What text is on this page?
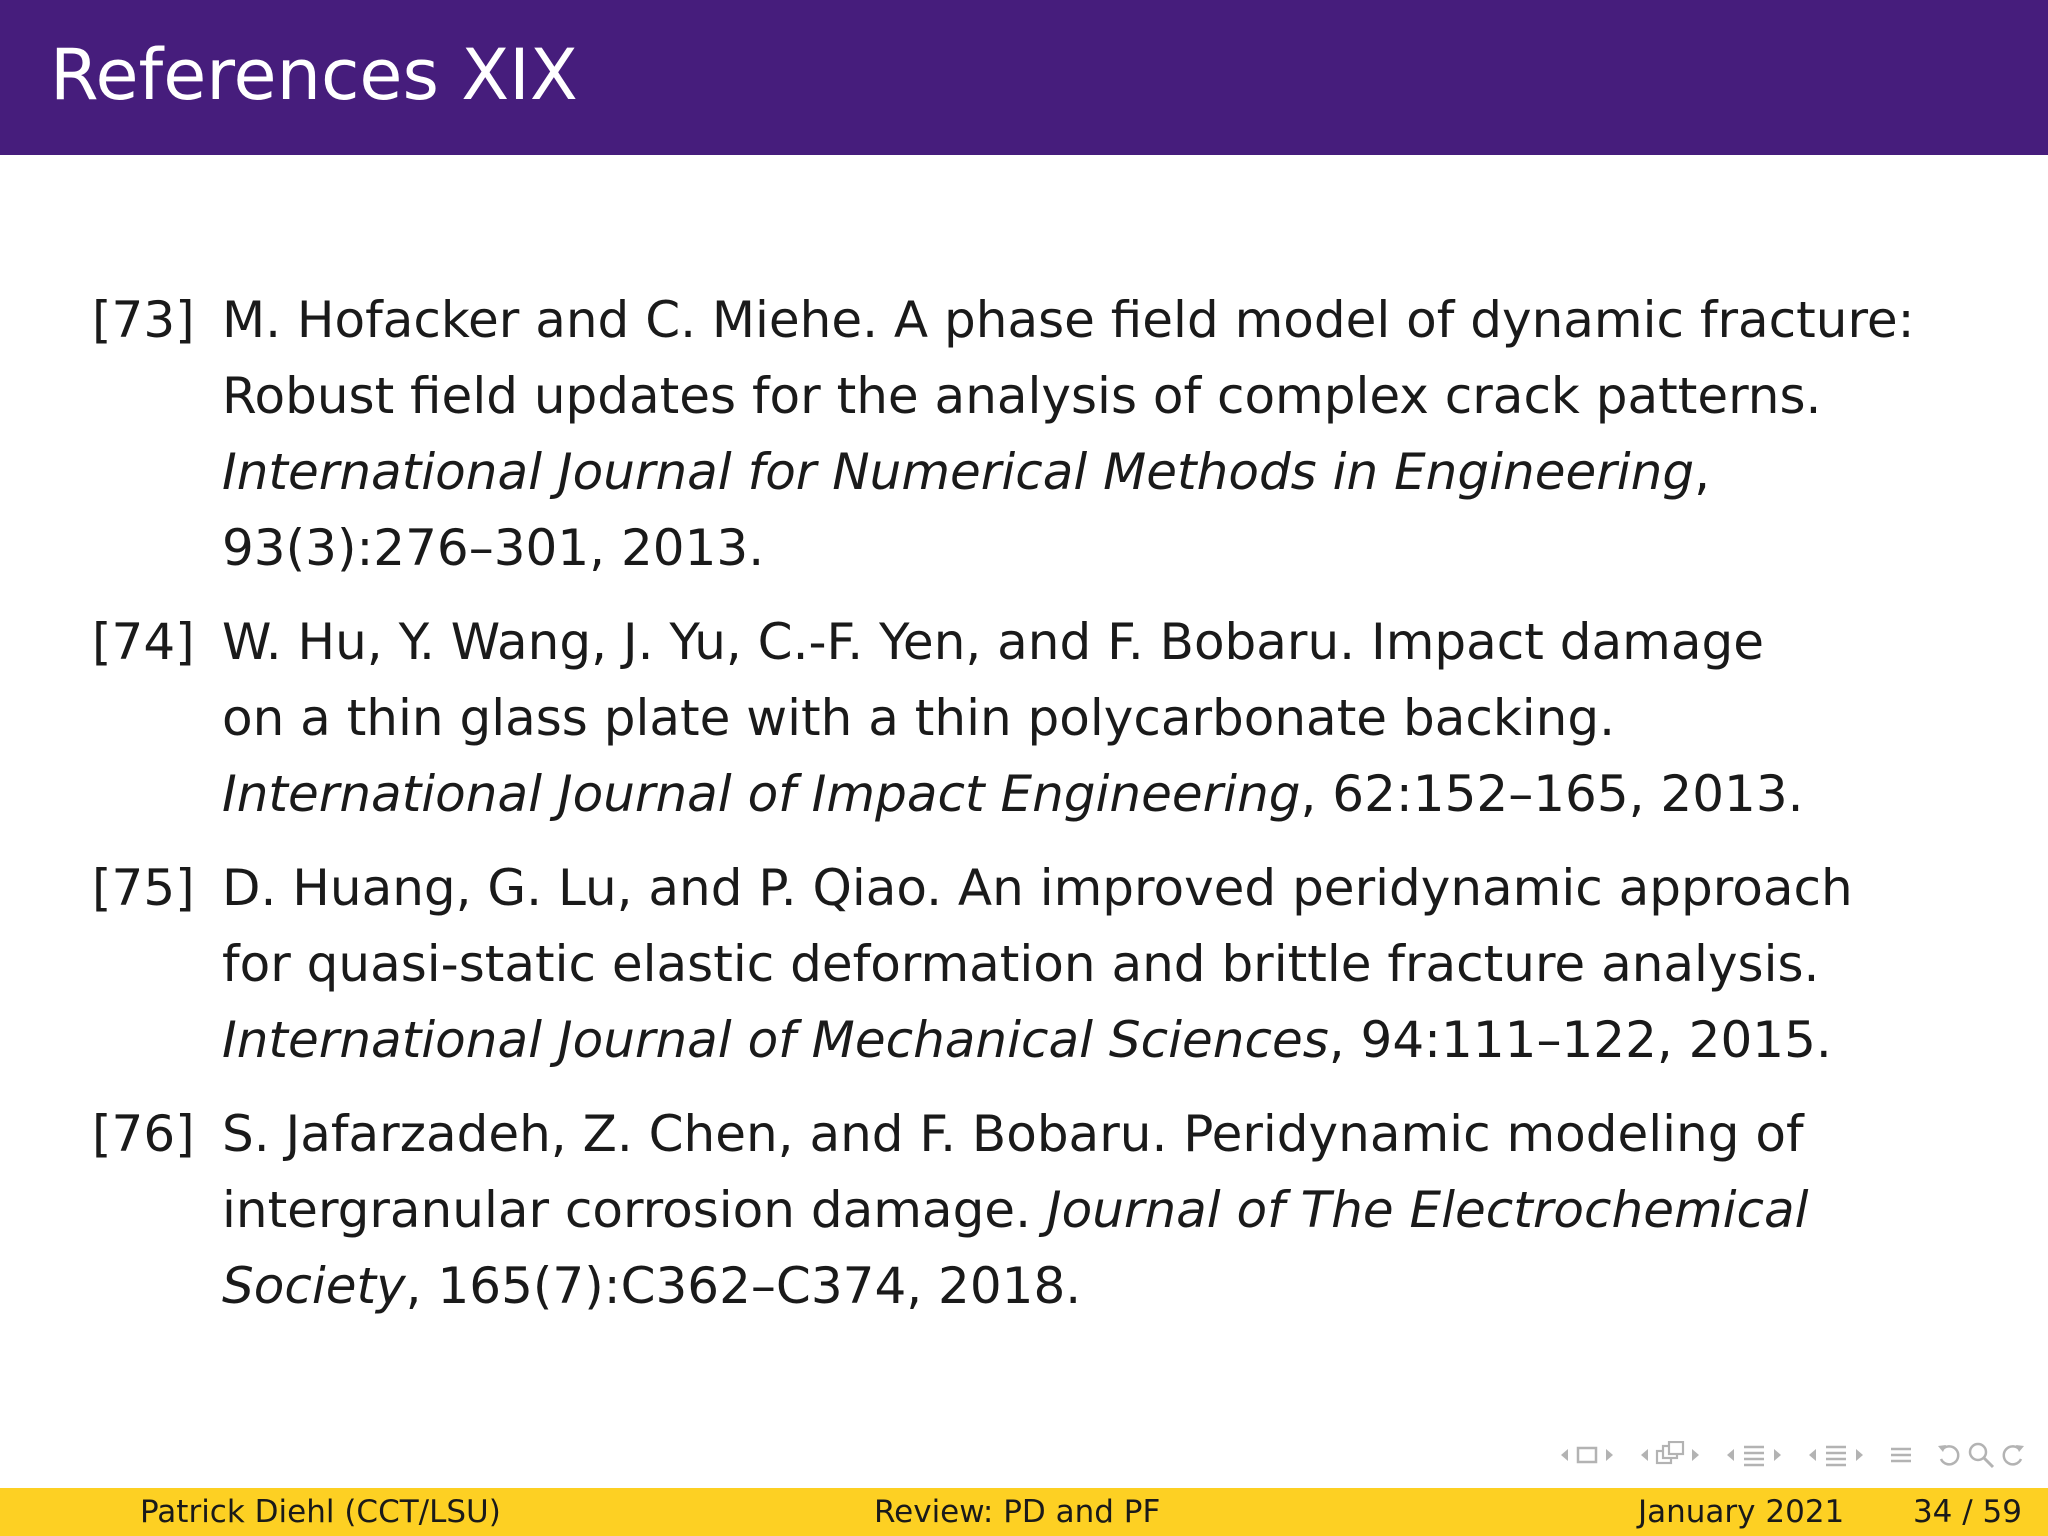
References XIX
[73] M. Hofacker and C. Miehe. A phase field model of dynamic fracture:
Robust field updates for the analysis of complex crack patterns.
International Journal for Numerical Methods in Engineering,
93(3):276–301, 2013.
[74] W. Hu, Y. Wang, J. Yu, C.-F. Yen, and F. Bobaru. Impact damage
on a thin glass plate with a thin polycarbonate backing.
International Journal of Impact Engineering, 62:152–165, 2013.
[75] D. Huang, G. Lu, and P. Qiao. An improved peridynamic approach
for quasi-static elastic deformation and brittle fracture analysis.
International Journal of Mechanical Sciences, 94:111–122, 2015.
[76] S. Jafarzadeh, Z. Chen, and F. Bobaru. Peridynamic modeling of
intergranular corrosion damage. Journal of The Electrochemical
Society, 165(7):C362–C374, 2018.
Patrick Diehl (CCT/LSU)	Review: PD and PF	January 2021 34 / 59
